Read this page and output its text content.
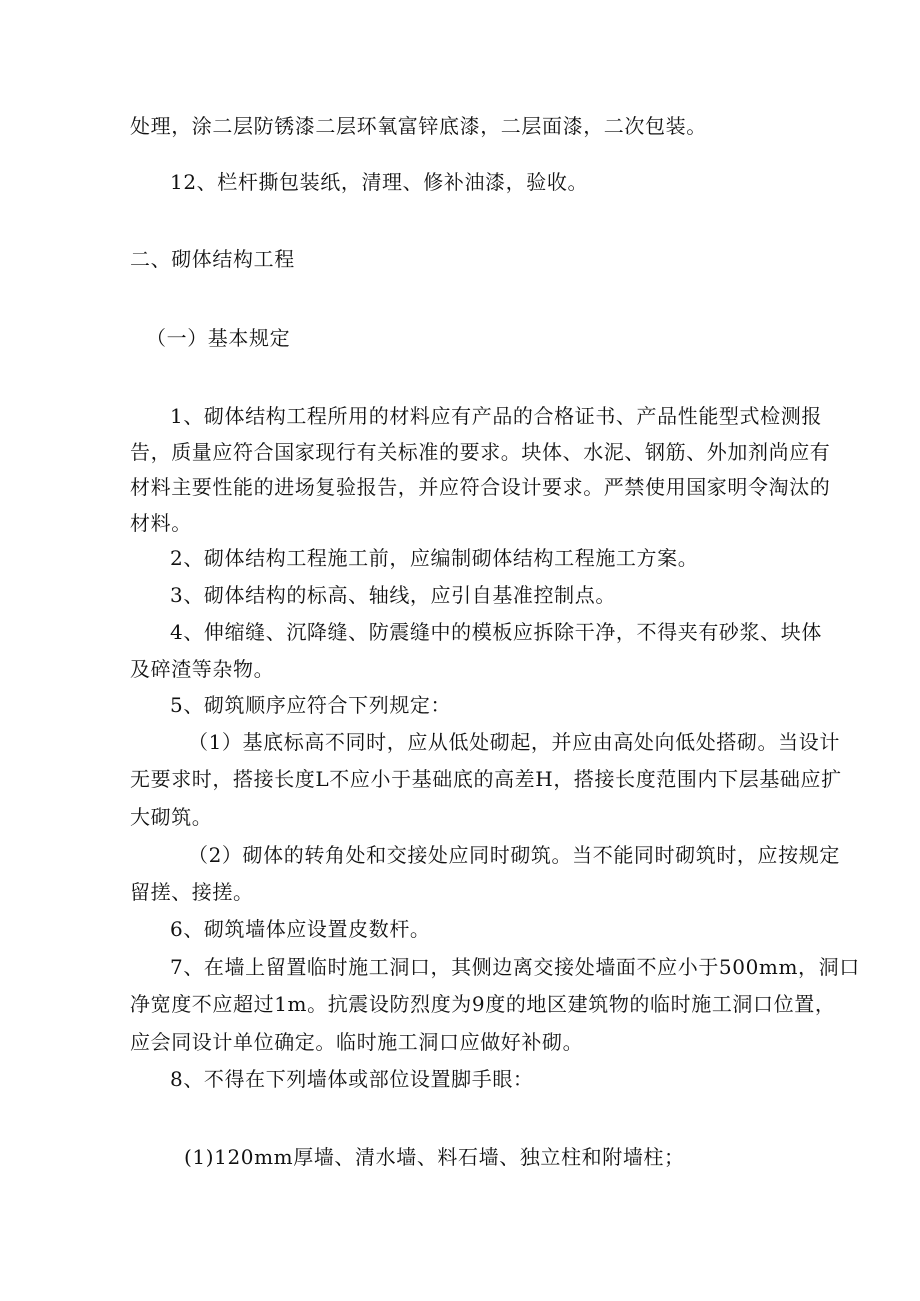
处理，涂二层防锈漆二层环氧富锌底漆，二层面漆，二次包装。
12、栏杆撕包装纸，清理、修补油漆，验收。
二、砌体结构工程
（一）基本规定
1、砌体结构工程所用的材料应有产品的合格证书、产品性能型式检测报
告，质量应符合国家现行有关标准的要求。块体、水泥、钢筋、外加剂尚应有
材料主要性能的进场复验报告，并应符合设计要求。严禁使用国家明令淘汰的
材料。
2、砌体结构工程施工前，应编制砌体结构工程施工方案。
3、砌体结构的标高、轴线，应引自基准控制点。
4、伸缩缝、沉降缝、防震缝中的模板应拆除干净，不得夹有砂浆、块体
及碎渣等杂物。
5、砌筑顺序应符合下列规定：
（1）基底标高不同时，应从低处砌起，并应由高处向低处搭砌。当设计
无要求时，搭接长度L不应小于基础底的高差H，搭接长度范围内下层基础应扩
大砌筑。
（2）砌体的转角处和交接处应同时砌筑。当不能同时砌筑时，应按规定
留搓、接搓。
6、砌筑墙体应设置皮数杆。
7、在墙上留置临时施工洞口，其侧边离交接处墙面不应小于500mm，洞口
净宽度不应超过1m。抗震设防烈度为9度的地区建筑物的临时施工洞口位置，
应会同设计单位确定。临时施工洞口应做好补砌。
8、不得在下列墙体或部位设置脚手眼：
(1)120mm厚墙、清水墙、料石墙、独立柱和附墙柱；
